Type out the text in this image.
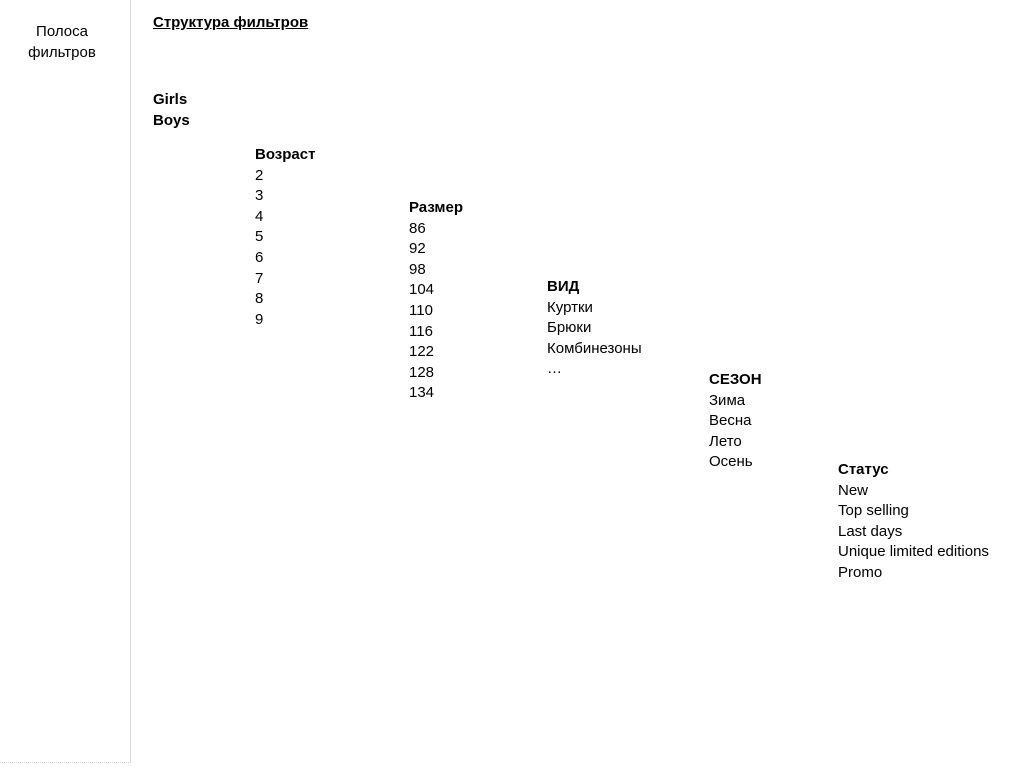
Полоса
фильтров
Структура фильтров
Girls
Boys
Возраст
2
3
4
5
6
7
8
9
Размер
86
92
98
104
110
116
122
128
134
ВИД
Куртки
Брюки
Комбинезоны
…
СЕЗОН
Зима
Весна
Лето
Осень	Статус
New
Top selling
Last days
Unique limited editions
Promo
